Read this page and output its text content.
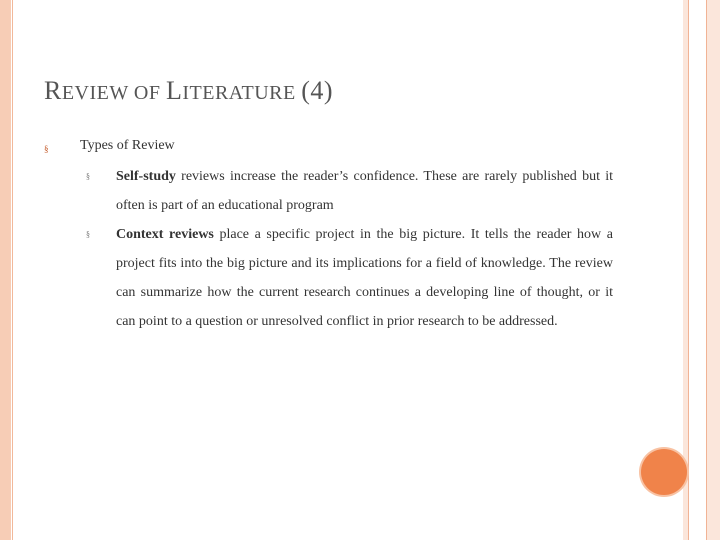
REVIEW OF LITERATURE (4)
§ Types of Review
§ Self-study reviews increase the reader’s confidence. These are rarely published but it often is part of an educational program
§ Context reviews place a specific project in the big picture. It tells the reader how a project fits into the big picture and its implications for a field of knowledge. The review can summarize how the current research continues a developing line of thought, or it can point to a question or unresolved conflict in prior research to be addressed.
